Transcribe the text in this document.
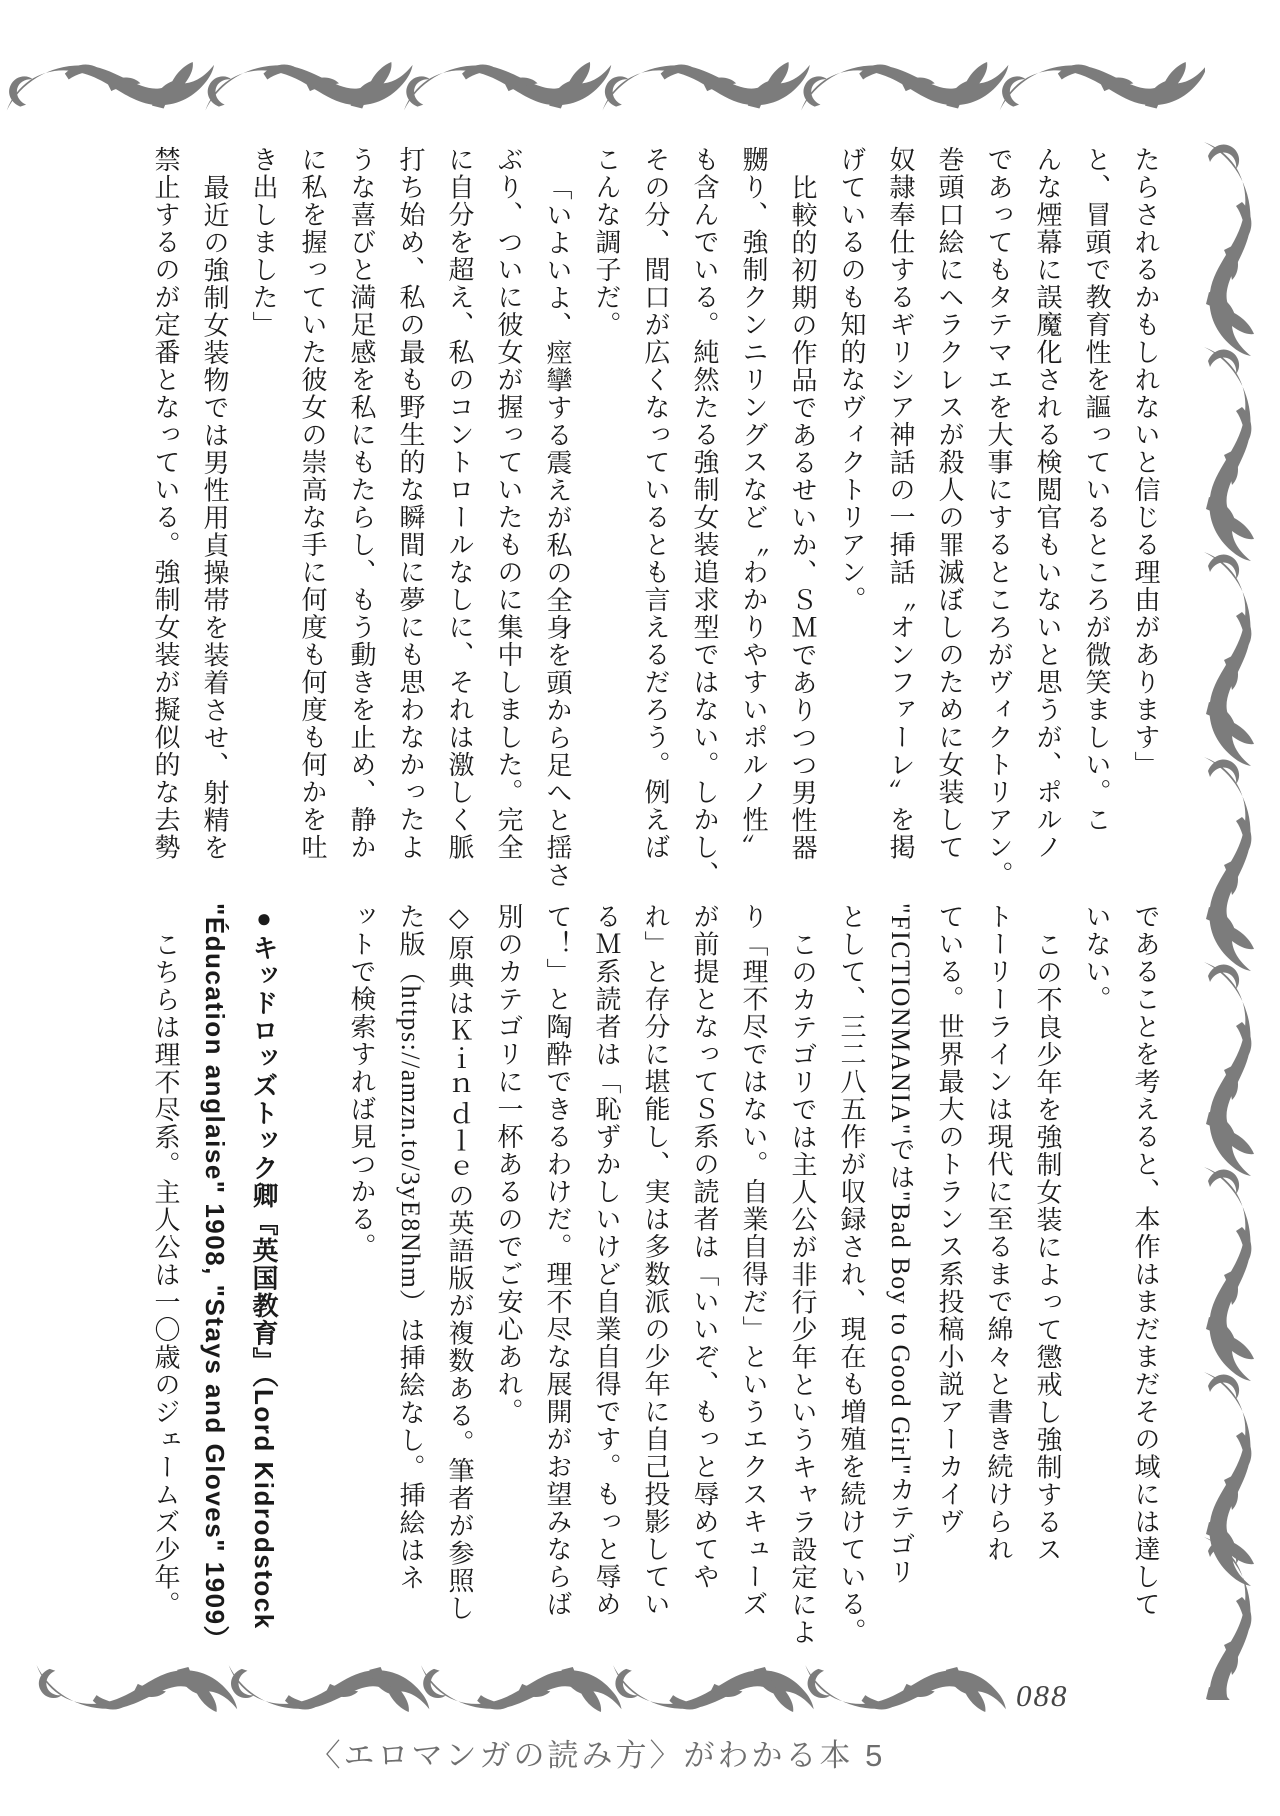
たらされるかもしれないと信じる理由があります」
と、冒頭で教育性を謳っているところが微笑ましい。こ
んな煙幕に誤魔化される検閲官もいないと思うが、ポルノ
であってもタテマエを大事にするところがヴィクトリアン。
巻頭口絵にヘラクレスが殺人の罪滅ぼしのために女装して
奴隷奉仕するギリシア神話の一挿話〝オンファーレ〟を掲
げているのも知的なヴィクトリアン。
比較的初期の作品であるせいか、ＳＭでありつつ男性器
嬲り、強制クンニリングスなど〝わかりやすいポルノ性〟
も含んでいる。純然たる強制女装追求型ではない。しかし、
その分、間口が広くなっているとも言えるだろう。例えば
こんな調子だ。
「いよいよ、痙攣する震えが私の全身を頭から足へと揺さ
ぶり、ついに彼女が握っていたものに集中しました。完全
に自分を超え、私のコントロールなしに、それは激しく脈
打ち始め、私の最も野生的な瞬間に夢にも思わなかったよ
うな喜びと満足感を私にもたらし、もう動きを止め、静か
に私を握っていた彼女の崇高な手に何度も何度も何かを吐
き出しました」
最近の強制女装物では男性用貞操帯を装着させ、射精を
禁止するのが定番となっている。強制女装が擬似的な去勢
であることを考えると、本作はまだまだその域には達して
いない。
この不良少年を強制女装によって懲戒し強制するス
トーリーラインは現代に至るまで綿々と書き続けられ
ている。世界最大のトランス系投稿小説アーカイヴ
"FICTIONMANIA"では"Bad Boy to Good Girl"カテゴリ
として、三二八五作が収録され、現在も増殖を続けている。
このカテゴリでは主人公が非行少年というキャラ設定によ
り「理不尽ではない。自業自得だ」というエクスキューズ
が前提となってＳ系の読者は「いいぞ、もっと辱めてや
れ」と存分に堪能し、実は多数派の少年に自己投影してい
るＭ系読者は「恥ずかしいけど自業自得です。もっと辱め
て！」と陶酔できるわけだ。理不尽な展開がお望みならば
別のカテゴリに一杯あるのでご安心あれ。
◇原典はＫｉｎｄｌｅの英語版が複数ある。筆者が参照し
た版（https://amzn.to/3yE8Nhm）は挿絵なし。挿絵はネ
ットで検索すれば見つかる。

●キッドロッズトック卿『英国教育』（Lord Kidrodstock
"Éducation anglaise" 1908, "Stays and Gloves" 1909）
こちらは理不尽系。主人公は一〇歳のジェームズ少年。
088
〈エロマンガの読み方〉がわかる本 5
